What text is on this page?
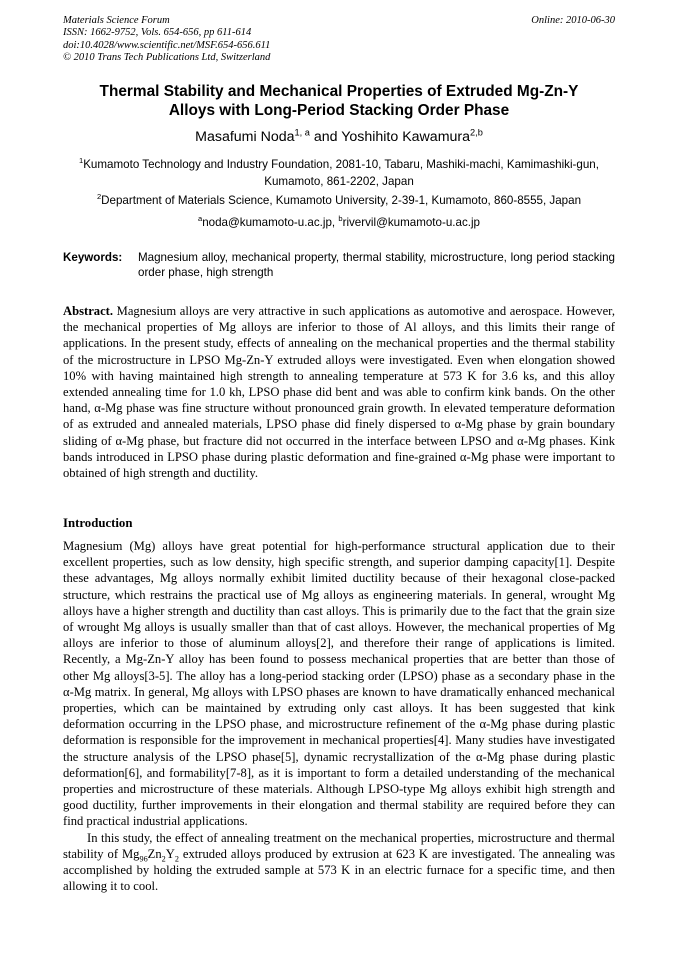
Materials Science Forum
ISSN: 1662-9752, Vols. 654-656, pp 611-614
doi:10.4028/www.scientific.net/MSF.654-656.611
© 2010 Trans Tech Publications Ltd, Switzerland
Online: 2010-06-30
Thermal Stability and Mechanical Properties of Extruded Mg-Zn-Y
Alloys with Long-Period Stacking Order Phase
Masafumi Noda$^{1, a}$ and Yoshihito Kawamura$^{2,b}$
$^1$Kumamoto Technology and Industry Foundation, 2081-10, Tabaru, Mashiki-machi, Kamimashiki-gun, Kumamoto, 861-2202, Japan
$^2$Department of Materials Science, Kumamoto University, 2-39-1, Kumamoto, 860-8555, Japan
$^a$noda@kumamoto-u.ac.jp, $^b$rivervil@kumamoto-u.ac.jp
Keywords:	Magnesium alloy, mechanical property, thermal stability, microstructure, long period stacking order phase, high strength
Abstract. Magnesium alloys are very attractive in such applications as automotive and aerospace. However, the mechanical properties of Mg alloys are inferior to those of Al alloys, and this limits their range of applications. In the present study, effects of annealing on the mechanical properties and the thermal stability of the microstructure in LPSO Mg-Zn-Y extruded alloys were investigated. Even when elongation showed 10% with having maintained high strength to annealing temperature at 573 K for 3.6 ks, and this alloy extended annealing time for 1.0 kh, LPSO phase did bent and was able to confirm kink bands. On the other hand, α-Mg phase was fine structure without pronounced grain growth. In elevated temperature deformation of as extruded and annealed materials, LPSO phase did finely dispersed to α-Mg phase by grain boundary sliding of α-Mg phase, but fracture did not occurred in the interface between LPSO and α-Mg phases. Kink bands introduced in LPSO phase during plastic deformation and fine-grained α-Mg phase were important to obtained of high strength and ductility.
Introduction

Magnesium (Mg) alloys have great potential for high-performance structural application due to their excellent properties, such as low density, high specific strength, and superior damping capacity[1]. Despite these advantages, Mg alloys normally exhibit limited ductility because of their hexagonal close-packed structure, which restrains the practical use of Mg alloys as engineering materials. In general, wrought Mg alloys have a higher strength and ductility than cast alloys. This is primarily due to the fact that the grain size of wrought Mg alloys is usually smaller than that of cast alloys. However, the mechanical properties of Mg alloys are inferior to those of aluminum alloys[2], and therefore their range of applications is limited. Recently, a Mg-Zn-Y alloy has been found to possess mechanical properties that are better than those of other Mg alloys[3-5]. The alloy has a long-period stacking order (LPSO) phase as a secondary phase in the α-Mg matrix. In general, Mg alloys with LPSO phases are known to have dramatically enhanced mechanical properties, which can be maintained by extruding only cast alloys. It has been suggested that kink deformation occurring in the LPSO phase, and microstructure refinement of the α-Mg phase during plastic deformation is responsible for the improvement in mechanical properties[4]. Many studies have investigated the structure analysis of the LPSO phase[5], dynamic recrystallization of the α-Mg phase during plastic deformation[6], and formability[7-8], as it is important to form a detailed understanding of the mechanical properties and microstructure of these materials. Although LPSO-type Mg alloys exhibit high strength and good ductility, further improvements in their elongation and thermal stability are required before they can find practical industrial applications.

In this study, the effect of annealing treatment on the mechanical properties, microstructure and thermal stability of $Mg_{96}Zn_2Y_2$ extruded alloys produced by extrusion at 623 K are investigated. The annealing was accomplished by holding the extruded sample at 573 K in an electric furnace for a specific time, and then allowing it to cool.
